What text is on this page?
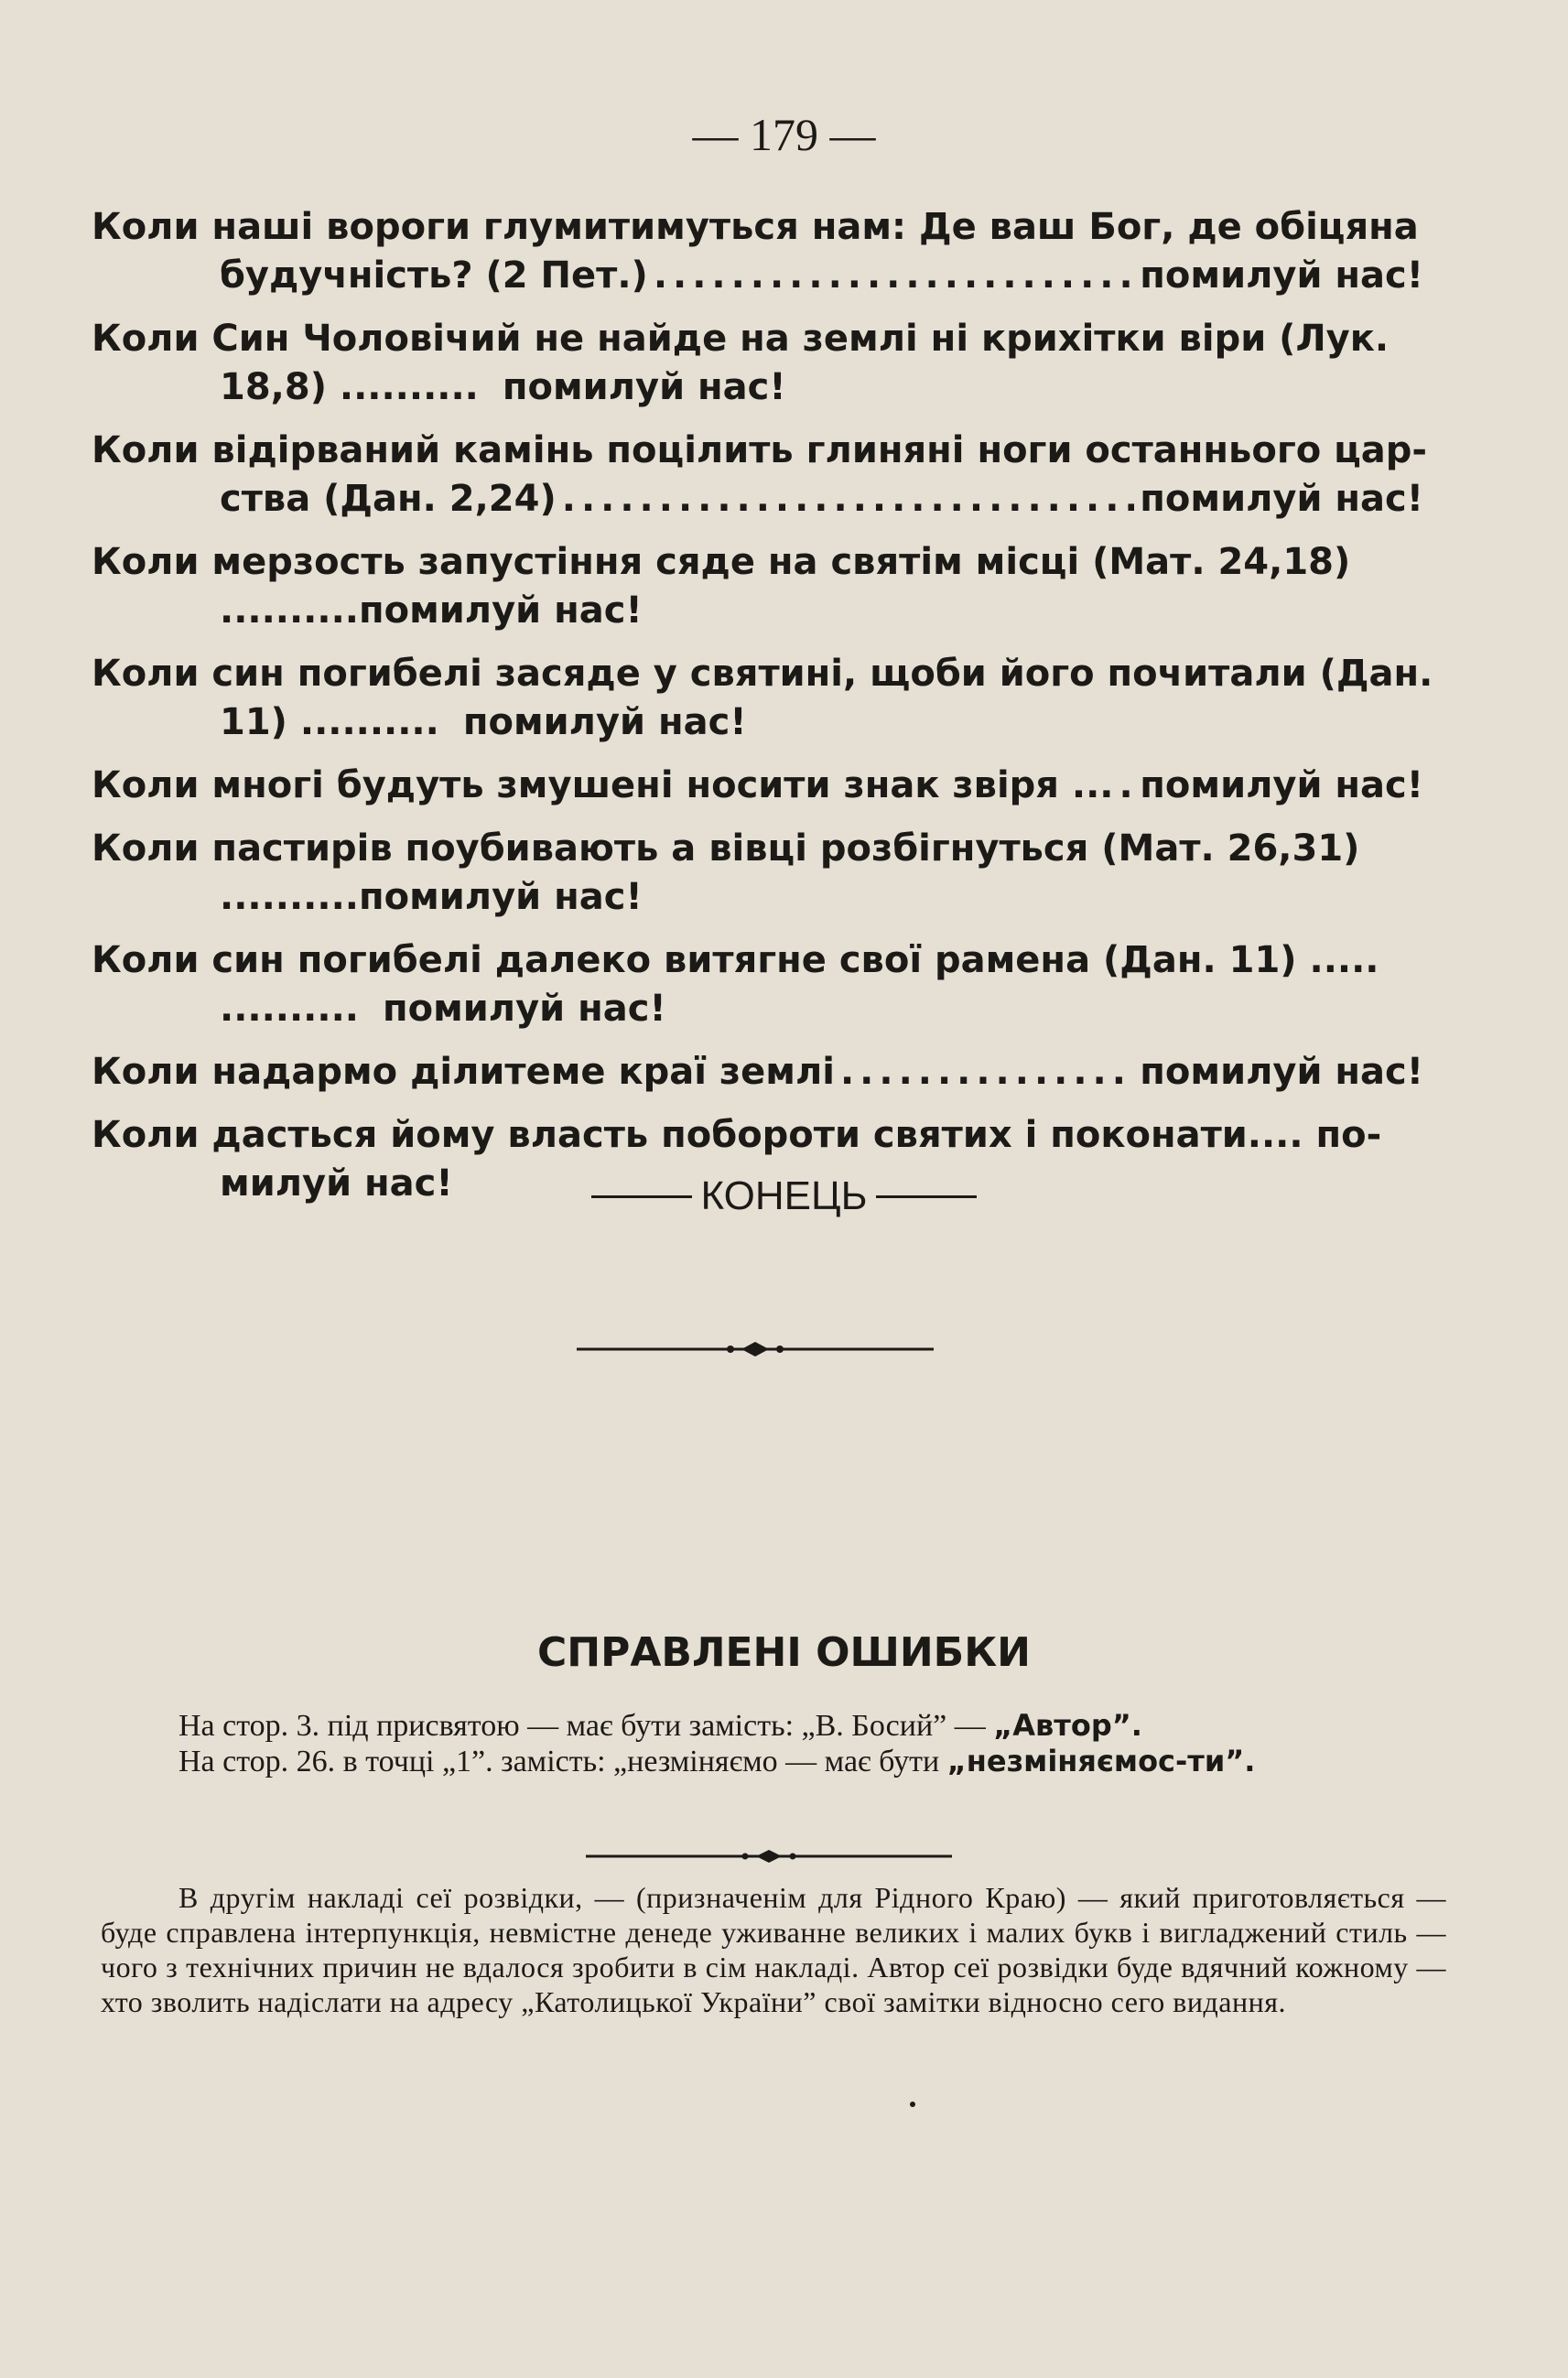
— 179 —
Коли наші вороги глумитимуться нам: Де ваш Бог, де обіцяна
будучність? (2 Пет.) .....	помилуй нас!
Коли Син Чоловічий не найде на землі ні крихітки віри (Лук.
18,8) .......... помилуй нас!
Коли відірваний камінь поцілить глиняні ноги останнього цар-
ства (Дан. 2,24) .....	помилуй нас!
Коли мерзость запустіння сяде на святім місці (Мат. 24,18)
..........помилуй нас!
Коли син погибелі засяде у святині, щоби його почитали (Дан.
11) .......... помилуй нас!
Коли многі будуть змушені носити знак звіря ... ..... помилуй нас!
Коли пастирів поубивають а вівці розбігнуться (Мат. 26,31)
..........помилуй нас!
Коли син погибелі далеко витягне свої рамена (Дан. 11) .....
.......... помилуй нас!
Коли надармо ділитеме краї землі .....	помилуй нас!
Коли дасться йому власть побороти святих і поконати.... по-
милуй нас!	КОНЕЦЬ
СПРАВЛЕНІ ОШИБКИ

На стор. 3. під присвятою — має бути замість: „В. Босий” — „Автор”.

На стор. 26. в точці „1”. замість: „незміняємо — має бути „незміняємос-ти”.

В другім накладі сеї розвідки, — (призначенім для Рідного Краю) — який приготовляється — буде справлена інтерпункція, невмістне денеде уживанне великих і малих букв і вигладжений стиль — чого з технічних причин не вдалося зробити в сім накладі. Автор сеї розвідки буде вдячний кожному — хто зволить надіслати на адресу „Католицької України” свої замітки відносно сего видання.
